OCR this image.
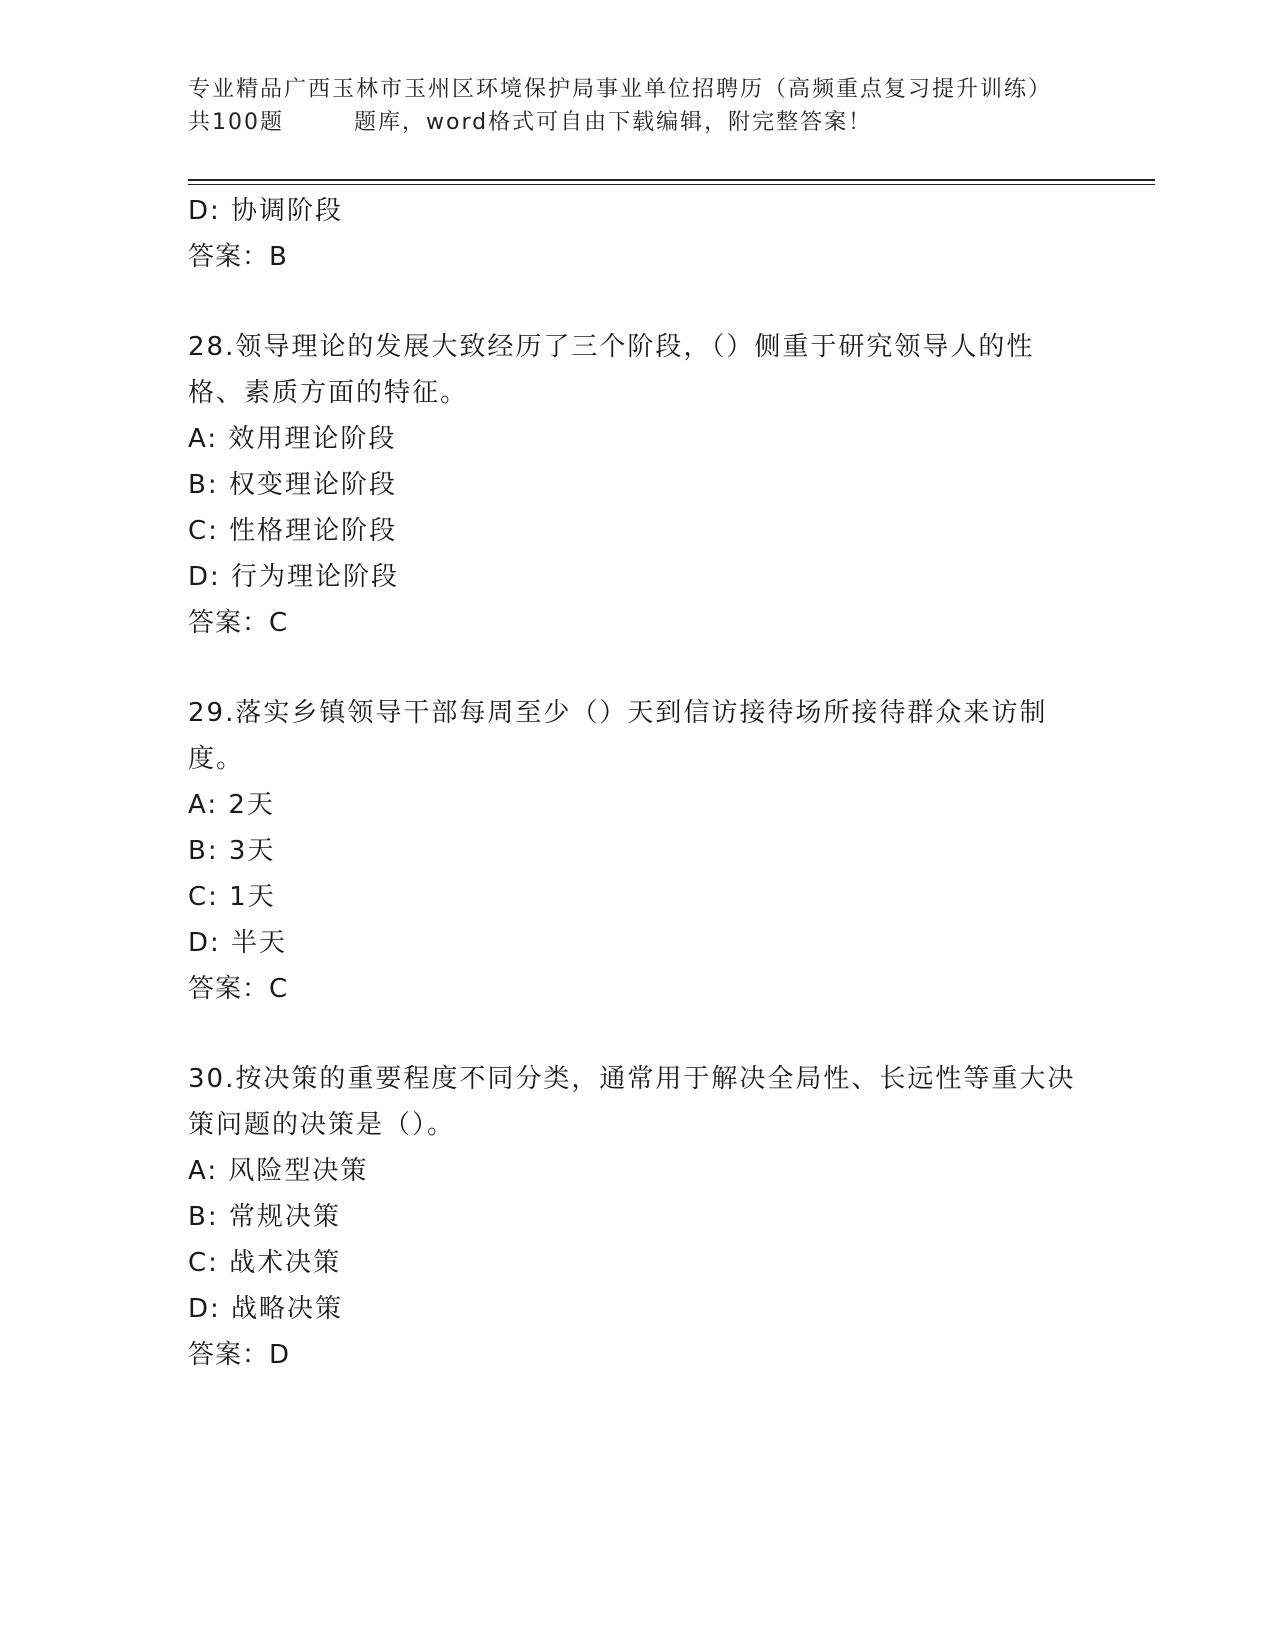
专业精品广西玉林市玉州区环境保护局事业单位招聘历（高频重点复习提升训练）
共100题	题库，word格式可自由下载编辑，附完整答案！
D: 协调阶段
答案：B
28.领导理论的发展大致经历了三个阶段，（）侧重于研究领导人的性格、素质方面的特征。
A: 效用理论阶段
B: 权变理论阶段
C: 性格理论阶段
D: 行为理论阶段
答案：C
29.落实乡镇领导干部每周至少（）天到信访接待场所接待群众来访制度。
A: 2天
B: 3天
C: 1天
D: 半天
答案：C
30.按决策的重要程度不同分类，通常用于解决全局性、长远性等重大决策问题的决策是（）。
A: 风险型决策
B: 常规决策
C: 战术决策
D: 战略决策
答案：D
